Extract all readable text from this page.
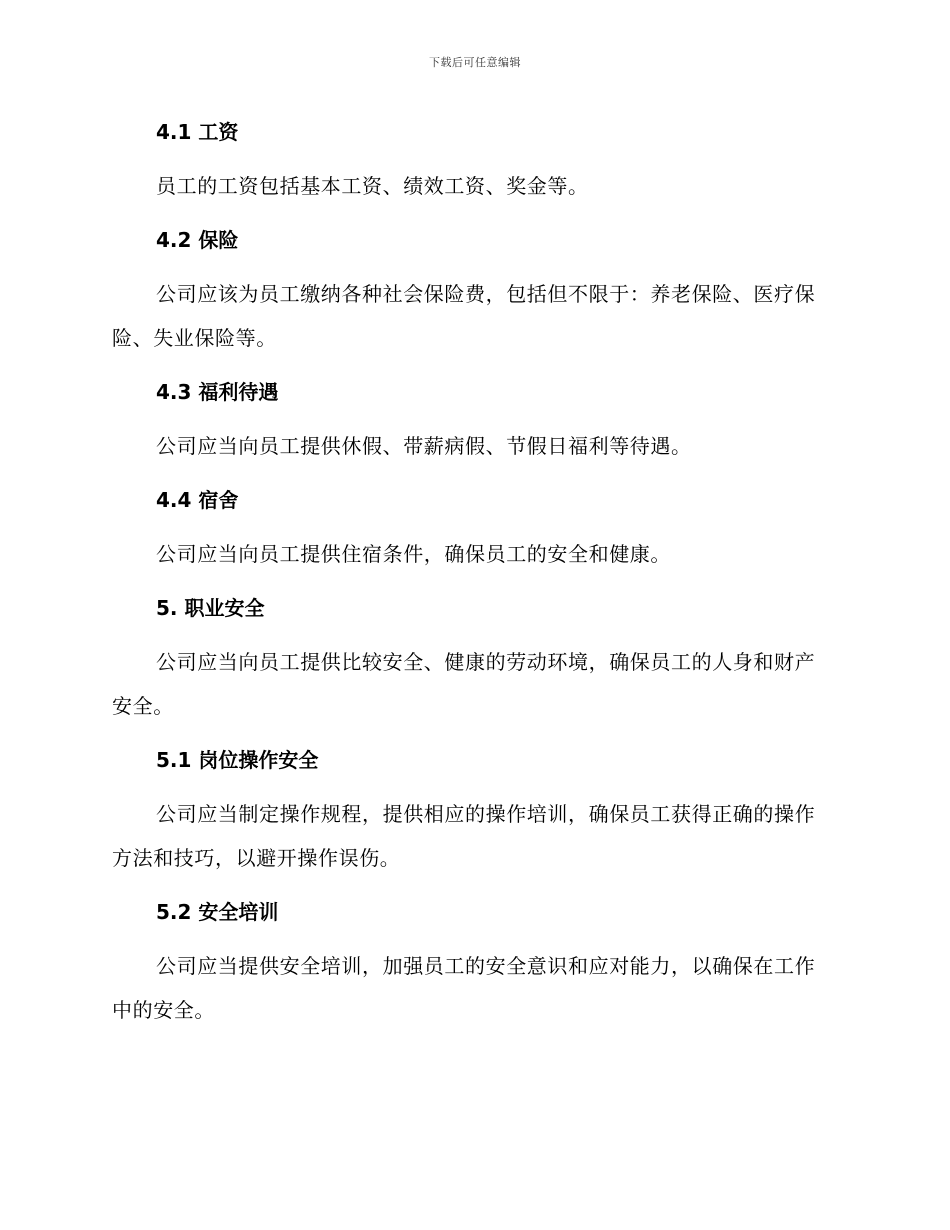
下载后可任意编辑
4.1 工资

员工的工资包括基本工资、绩效工资、奖金等。

4.2 保险

公司应该为员工缴纳各种社会保险费，包括但不限于：养老保险、医疗保险、失业保险等。

4.3 福利待遇

公司应当向员工提供休假、带薪病假、节假日福利等待遇。

4.4 宿舍

公司应当向员工提供住宿条件，确保员工的安全和健康。

5. 职业安全

公司应当向员工提供比较安全、健康的劳动环境，确保员工的人身和财产安全。

5.1 岗位操作安全

公司应当制定操作规程，提供相应的操作培训，确保员工获得正确的操作方法和技巧，以避开操作误伤。

5.2 安全培训

公司应当提供安全培训，加强员工的安全意识和应对能力，以确保在工作中的安全。
